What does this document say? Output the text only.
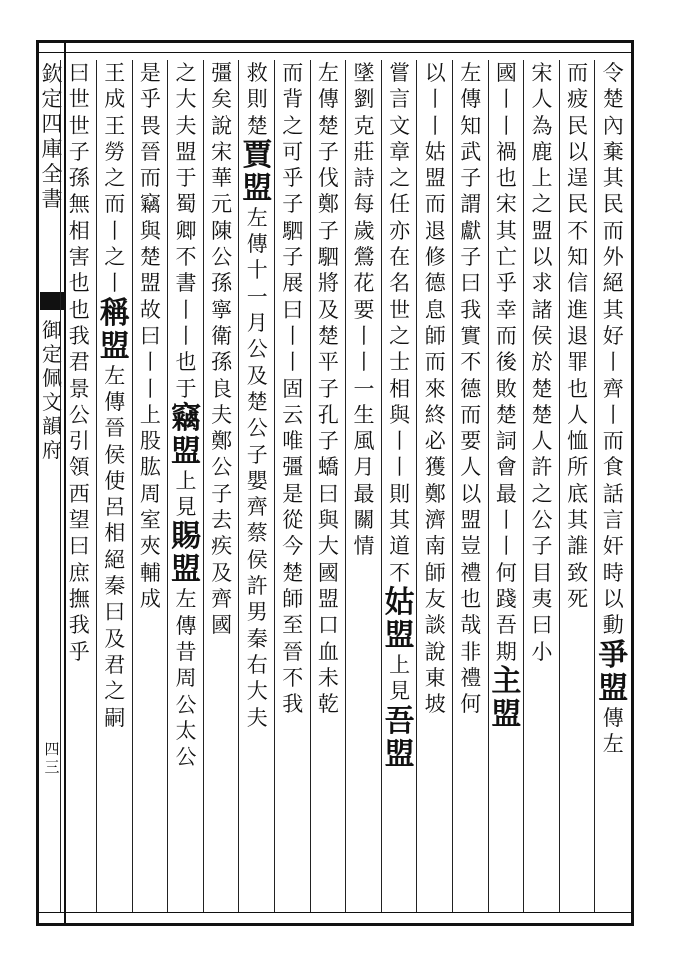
欽定四庫全書
御定佩文韻府
四三
令楚內棄其民而外絕其好丨齊丨而食話言奸時以動
爭盟
傳左
而疲民以逞民不知信進退罪也人恤所底其誰致死
宋人為鹿上之盟以求諸侯於楚楚人許之公子目夷曰小
國丨丨禍也宋其亡乎幸而後敗楚詞會最丨丨何踐吾期
主盟
左傳知武子謂獻子曰我實不德而要人以盟豈禮也哉非禮何
以丨丨姑盟而退修德息師而來終必獲鄭濟南師友談說東坡
嘗言文章之任亦在名世之士相與丨丨則其道不
姑盟
上見
吾盟
墜劉克莊詩每歲鶯花要丨丨一生風月最關情
左傳楚子伐鄭子駟將及楚平子孔子蟜曰與大國盟口血未乾
而背之可乎子駟子展曰丨丨固云唯彊是從今楚師至晉不我
救則楚
賈盟
左傳十一月公及楚公子嬰齊蔡侯許男秦右大夫
彊矣
說宋華元陳公孫寧衛孫良夫鄭公子去疾及齊國
之大夫盟于蜀卿不書丨丨也于
竊盟
上見
賜盟
左傳昔周公太公
是乎畏晉而竊與楚盟故曰丨丨
上
股肱周室夾輔成
王成王勞之而丨之丨
稱盟
左傳晉侯使呂相絕秦曰及君之嗣
曰世世子孫無相害也
也我君景公引領西望曰庶撫我乎
